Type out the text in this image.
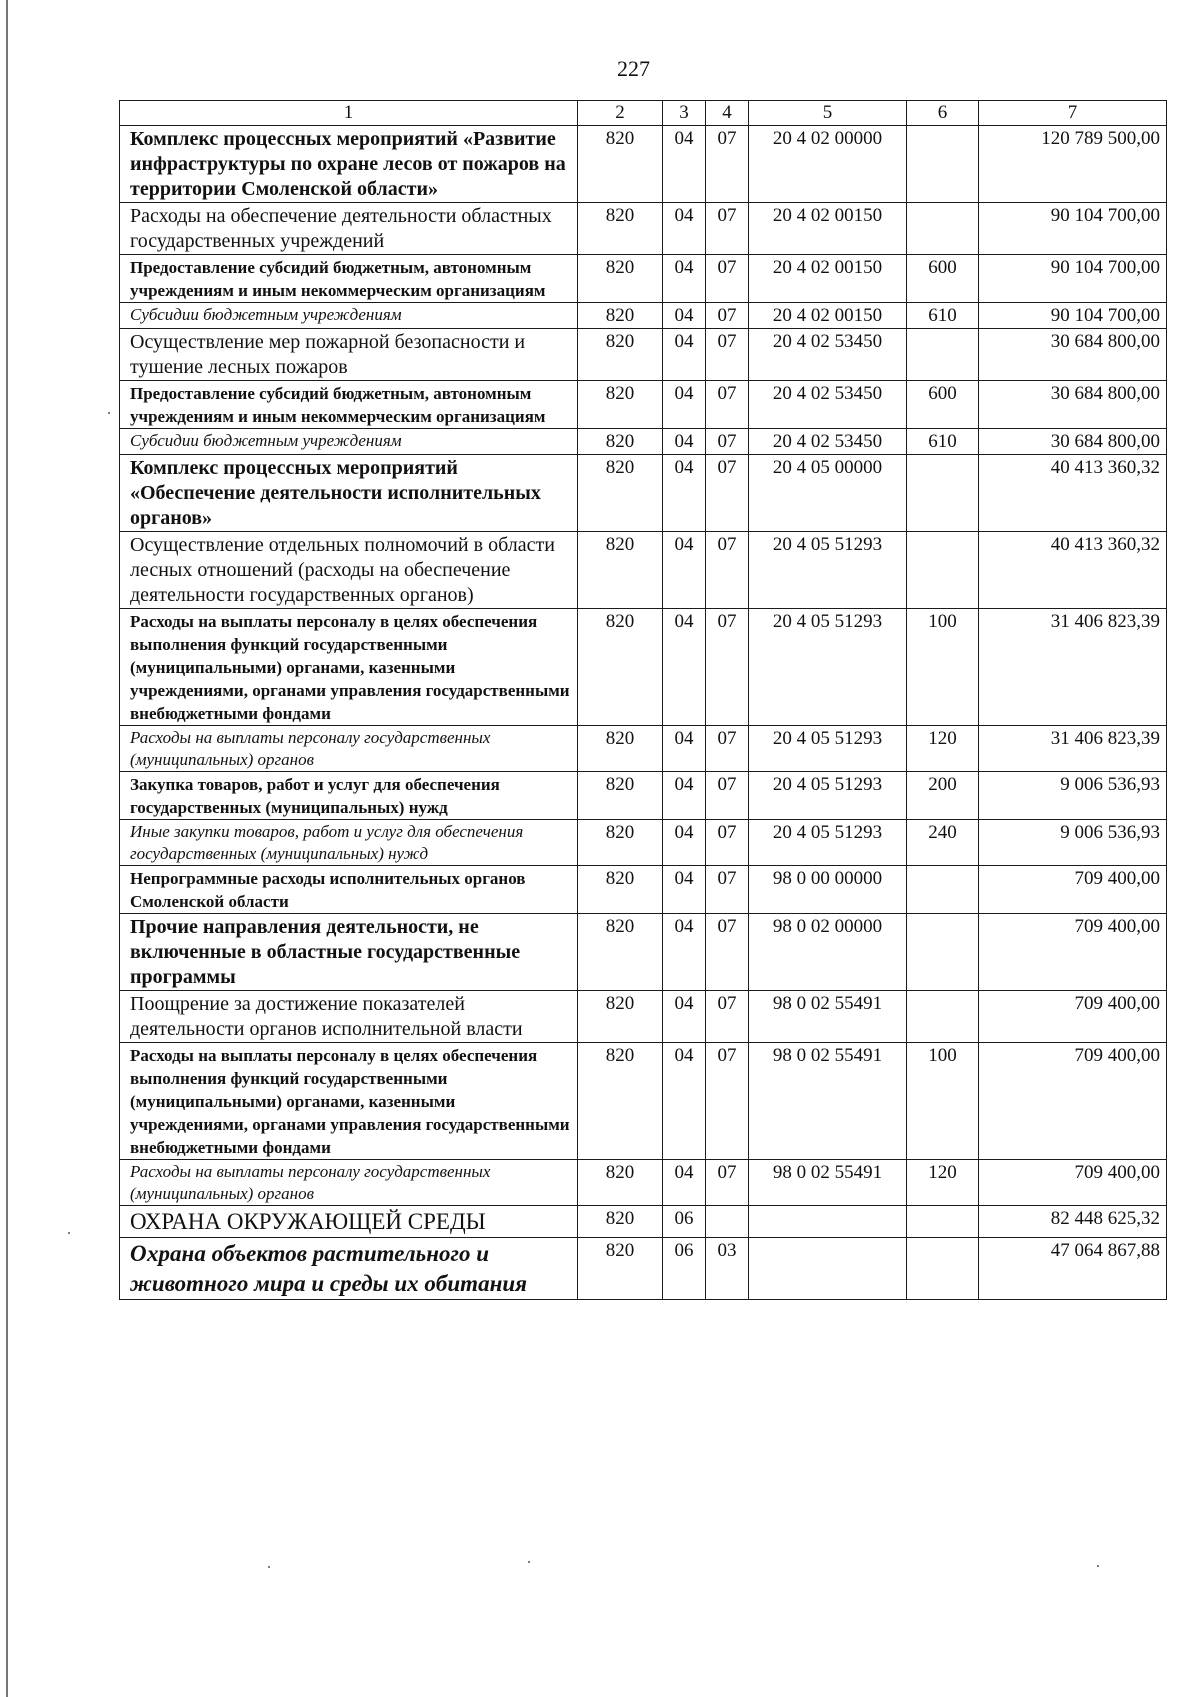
227
1	2	3	4	5	6	7
Комплекс процессных мероприятий «Развитие инфраструктуры по охране лесов от пожаров на территории Смоленской области»	820	04	07	20 4 02 00000		120 789 500,00
Расходы на обеспечение деятельности областных государственных учреждений	820	04	07	20 4 02 00150		90 104 700,00
Предоставление субсидий бюджетным, автономным учреждениям и иным некоммерческим организациям	820	04	07	20 4 02 00150	600	90 104 700,00
Субсидии бюджетным учреждениям	820	04	07	20 4 02 00150	610	90 104 700,00
Осуществление мер пожарной безопасности и тушение лесных пожаров	820	04	07	20 4 02 53450		30 684 800,00
Предоставление субсидий бюджетным, автономным учреждениям и иным некоммерческим организациям	820	04	07	20 4 02 53450	600	30 684 800,00
Субсидии бюджетным учреждениям	820	04	07	20 4 02 53450	610	30 684 800,00
Комплекс процессных мероприятий «Обеспечение деятельности исполнительных органов»	820	04	07	20 4 05 00000		40 413 360,32
Осуществление отдельных полномочий в области лесных отношений (расходы на обеспечение деятельности государственных органов)	820	04	07	20 4 05 51293		40 413 360,32
Расходы на выплаты персоналу в целях обеспечения выполнения функций государственными (муниципальными) органами, казенными учреждениями, органами управления государственными внебюджетными фондами	820	04	07	20 4 05 51293	100	31 406 823,39
Расходы на выплаты персоналу государственных (муниципальных) органов	820	04	07	20 4 05 51293	120	31 406 823,39
Закупка товаров, работ и услуг для обеспечения государственных (муниципальных) нужд	820	04	07	20 4 05 51293	200	9 006 536,93
Иные закупки товаров, работ и услуг для обеспечения государственных (муниципальных) нужд	820	04	07	20 4 05 51293	240	9 006 536,93
Непрограммные расходы исполнительных органов Смоленской области	820	04	07	98 0 00 00000		709 400,00
Прочие направления деятельности, не включенные в областные государственные программы	820	04	07	98 0 02 00000		709 400,00
Поощрение за достижение показателей деятельности органов исполнительной власти	820	04	07	98 0 02 55491		709 400,00
Расходы на выплаты персоналу в целях обеспечения выполнения функций государственными (муниципальными) органами, казенными учреждениями, органами управления государственными внебюджетными фондами	820	04	07	98 0 02 55491	100	709 400,00
Расходы на выплаты персоналу государственных (муниципальных) органов	820	04	07	98 0 02 55491	120	709 400,00
ОХРАНА ОКРУЖАЮЩЕЙ СРЕДЫ	820	06				82 448 625,32
Охрана объектов растительного и животного мира и среды их обитания	820	06	03			47 064 867,88
